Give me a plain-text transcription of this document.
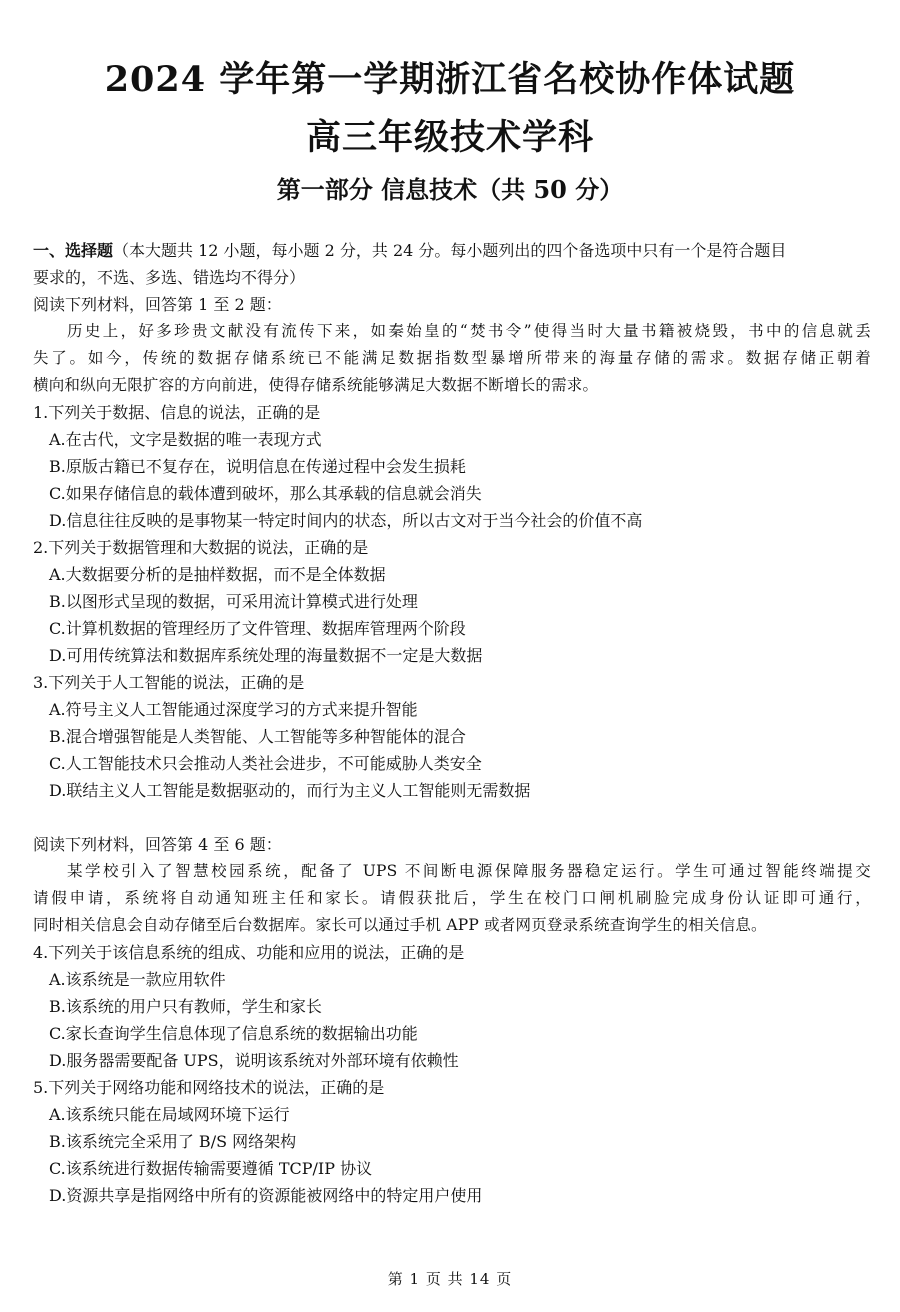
2024 学年第一学期浙江省名校协作体试题
高三年级技术学科
第一部分 信息技术（共 50 分）
一、选择题（本大题共 12 小题，每小题 2 分，共 24 分。每小题列出的四个备选项中只有一个是符合题目
要求的，不选、多选、错选均不得分）
阅读下列材料，回答第 1 至 2 题：
历史上，好多珍贵文献没有流传下来，如秦始皇的“焚书令”使得当时大量书籍被烧毁，书中的信息就丢
失了。如今，传统的数据存储系统已不能满足数据指数型暴增所带来的海量存储的需求。数据存储正朝着
横向和纵向无限扩容的方向前进，使得存储系统能够满足大数据不断增长的需求。
1.下列关于数据、信息的说法，正确的是
A.在古代，文字是数据的唯一表现方式
B.原版古籍已不复存在，说明信息在传递过程中会发生损耗
C.如果存储信息的载体遭到破坏，那么其承载的信息就会消失
D.信息往往反映的是事物某一特定时间内的状态，所以古文对于当今社会的价值不高
2.下列关于数据管理和大数据的说法，正确的是
A.大数据要分析的是抽样数据，而不是全体数据
B.以图形式呈现的数据，可采用流计算模式进行处理
C.计算机数据的管理经历了文件管理、数据库管理两个阶段
D.可用传统算法和数据库系统处理的海量数据不一定是大数据
3.下列关于人工智能的说法，正确的是
A.符号主义人工智能通过深度学习的方式来提升智能
B.混合增强智能是人类智能、人工智能等多种智能体的混合
C.人工智能技术只会推动人类社会进步，不可能威胁人类安全
D.联结主义人工智能是数据驱动的，而行为主义人工智能则无需数据
阅读下列材料，回答第 4 至 6 题：
某学校引入了智慧校园系统，配备了 UPS 不间断电源保障服务器稳定运行。学生可通过智能终端提交
请假申请，系统将自动通知班主任和家长。请假获批后，学生在校门口闸机刷脸完成身份认证即可通行，
同时相关信息会自动存储至后台数据库。家长可以通过手机 APP 或者网页登录系统查询学生的相关信息。
4.下列关于该信息系统的组成、功能和应用的说法，正确的是
A.该系统是一款应用软件
B.该系统的用户只有教师，学生和家长
C.家长查询学生信息体现了信息系统的数据输出功能
D.服务器需要配备 UPS，说明该系统对外部环境有依赖性
5.下列关于网络功能和网络技术的说法，正确的是
A.该系统只能在局域网环境下运行
B.该系统完全采用了 B/S 网络架构
C.该系统进行数据传输需要遵循 TCP/IP 协议
D.资源共享是指网络中所有的资源能被网络中的特定用户使用
第 1 页 共 14 页
